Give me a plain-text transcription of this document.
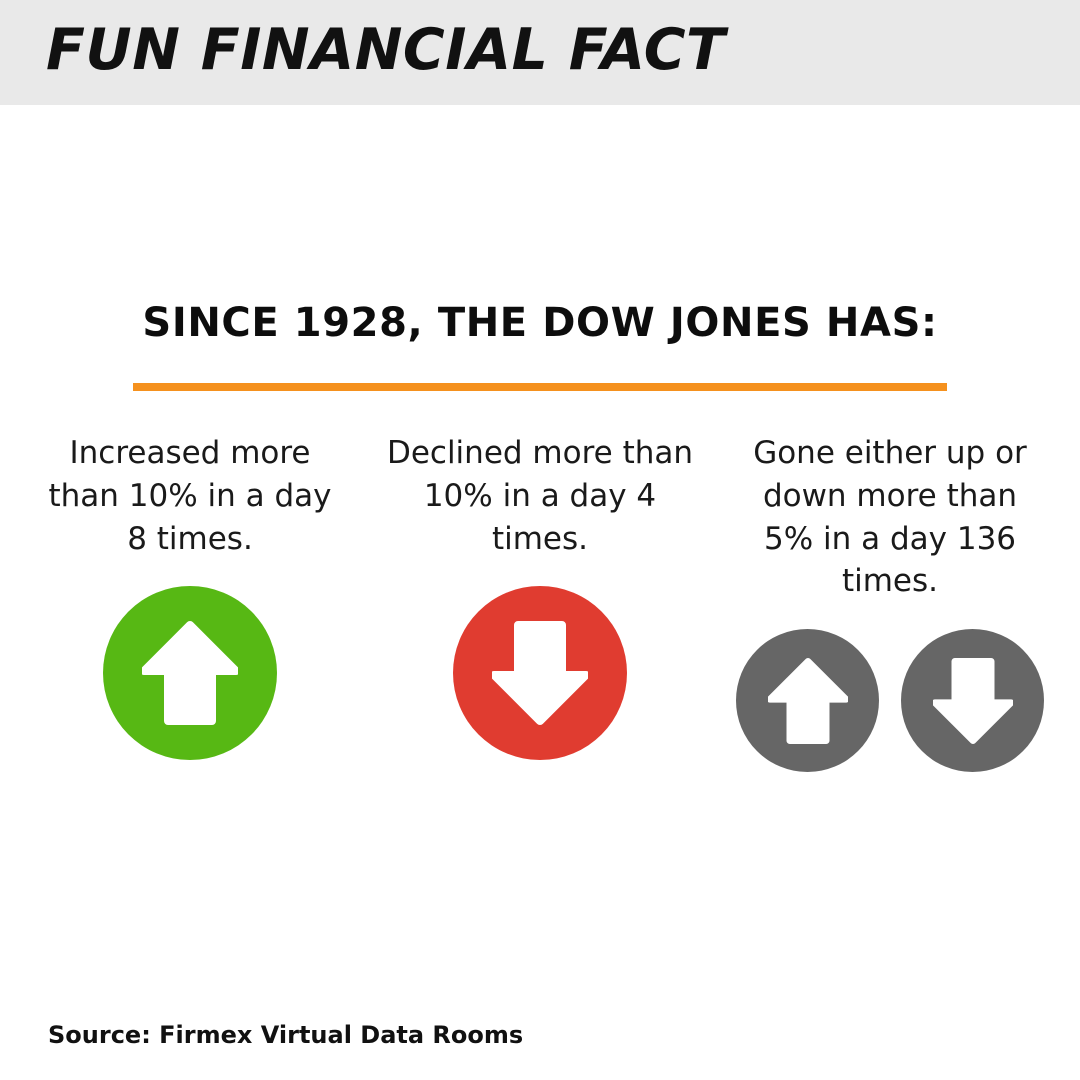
FUN FINANCIAL FACT
SINCE 1928, THE DOW JONES HAS:
Increased more than 10% in a day 8 times.
Declined more than 10% in a day 4 times.
Gone either up or down more than 5% in a day 136 times.
Source: Firmex Virtual Data Rooms
